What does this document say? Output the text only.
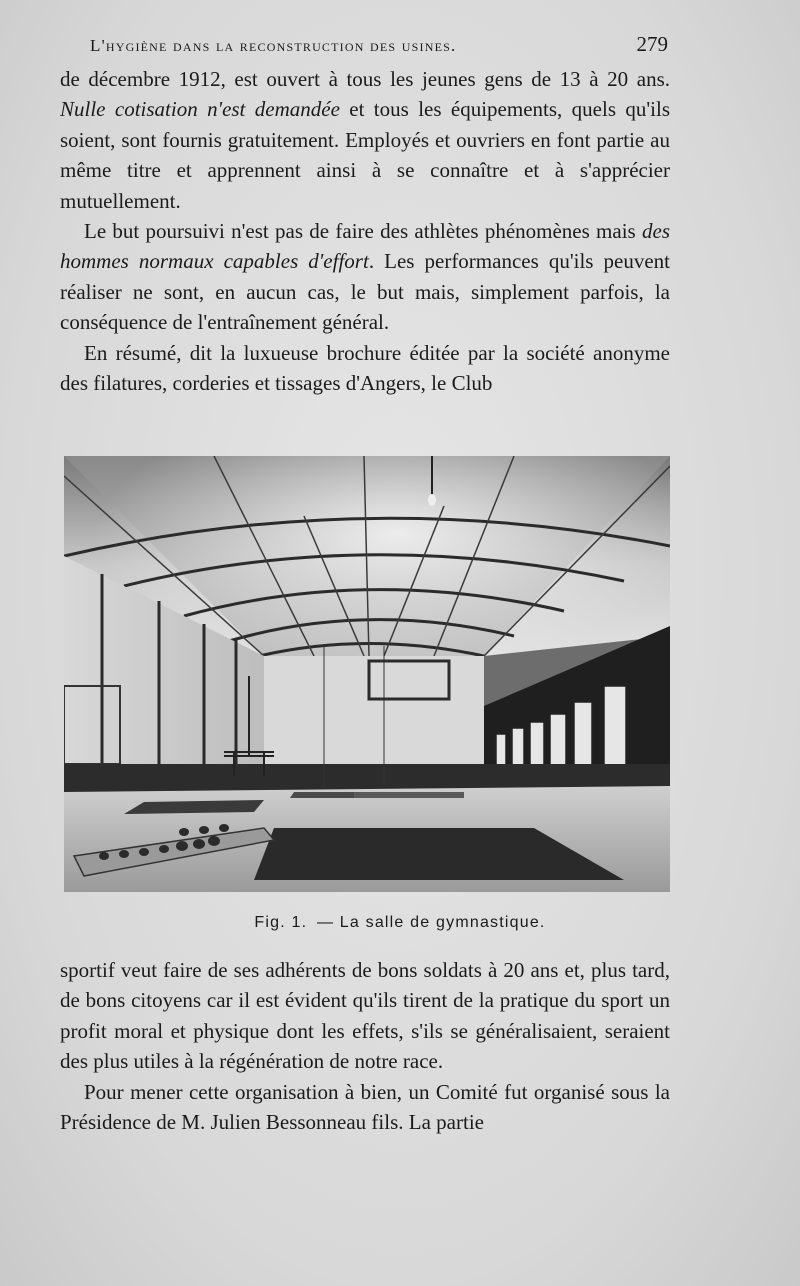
L'hygiène dans la reconstruction des usines.	279

de décembre 1912, est ouvert à tous les jeunes gens de 13 à 20 ans. Nulle cotisation n'est demandée et tous les équipements, quels qu'ils soient, sont fournis gratuitement. Employés et ouvriers en font partie au même titre et apprennent ainsi à se connaître et à s'apprécier mutuellement.

Le but poursuivi n'est pas de faire des athlètes phénomènes mais des hommes normaux capables d'effort. Les performances qu'ils peuvent réaliser ne sont, en aucun cas, le but mais, simplement parfois, la conséquence de l'entraînement général.

En résumé, dit la luxueuse brochure éditée par la société anonyme des filatures, corderies et tissages d'Angers, le Club

Fig. 1. — La salle de gymnastique.

sportif veut faire de ses adhérents de bons soldats à 20 ans et, plus tard, de bons citoyens car il est évident qu'ils tirent de la pratique du sport un profit moral et physique dont les effets, s'ils se généralisaient, seraient des plus utiles à la régénération de notre race.

Pour mener cette organisation à bien, un Comité fut organisé sous la Présidence de M. Julien Bessonneau fils. La partie
